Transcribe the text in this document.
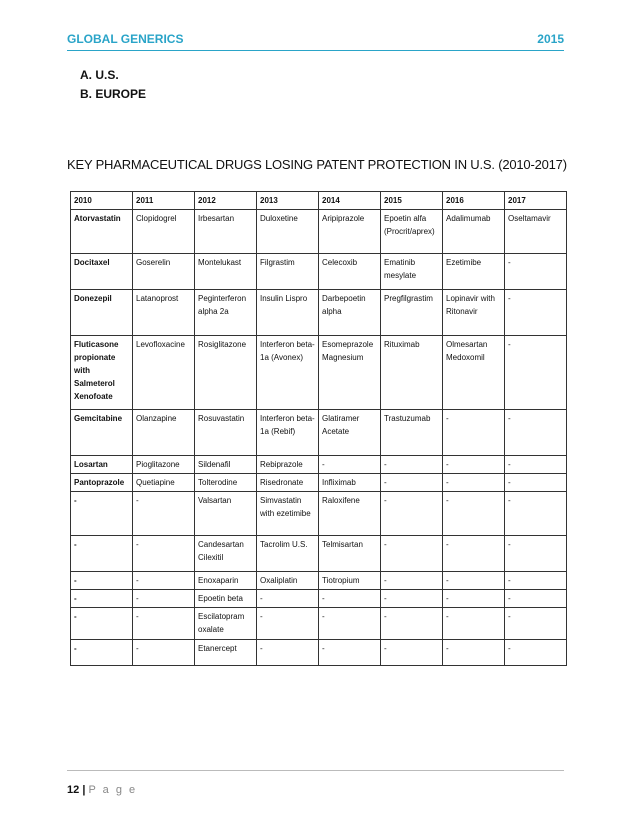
GLOBAL GENERICS	2015
A. U.S.
B. EUROPE
KEY PHARMACEUTICAL DRUGS LOSING PATENT PROTECTION IN U.S. (2010-2017)
2010	2011	2012	2013	2014	2015	2016	2017
Atorvastatin	Clopidogrel	Irbesartan	Duloxetine	Aripiprazole	Epoetin alfa (Procrit/aprex)	Adalimumab	Oseltamavir
Docitaxel	Goserelin	Montelukast	Filgrastim	Celecoxib	Ematinib mesylate	Ezetimibe	-
Donezepil	Latanoprost	Peginterferon alpha 2a	Insulin Lispro	Darbepoetin alpha	Pregfilgrastim	Lopinavir with Ritonavir	-
Fluticasone propionate with Salmeterol Xenofoate	Levofloxacine	Rosiglitazone	Interferon beta-1a (Avonex)	Esomeprazole Magnesium	Rituximab	Olmesartan Medoxomil	-
Gemcitabine	Olanzapine	Rosuvastatin	Interferon beta-1a (Rebif)	Glatiramer Acetate	Trastuzumab	-	-
Losartan	Pioglitazone	Sildenafil	Rebiprazole	-	-	-	-
Pantoprazole	Quetiapine	Tolterodine	Risedronate	Infliximab	-	-	-
-	-	Valsartan	Simvastatin with ezetimibe	Raloxifene	-	-	-
-	-	Candesartan Cilexitil	Tacrolim U.S.	Telmisartan	-	-	-
-	-	Enoxaparin	Oxaliplatin	Tiotropium	-	-	-
-	-	Epoetin beta	-	-	-	-	-
-	-	Escilatopram oxalate	-	-	-	-	-
-	-	Etanercept	-	-	-	-	-
12 | P a g e
